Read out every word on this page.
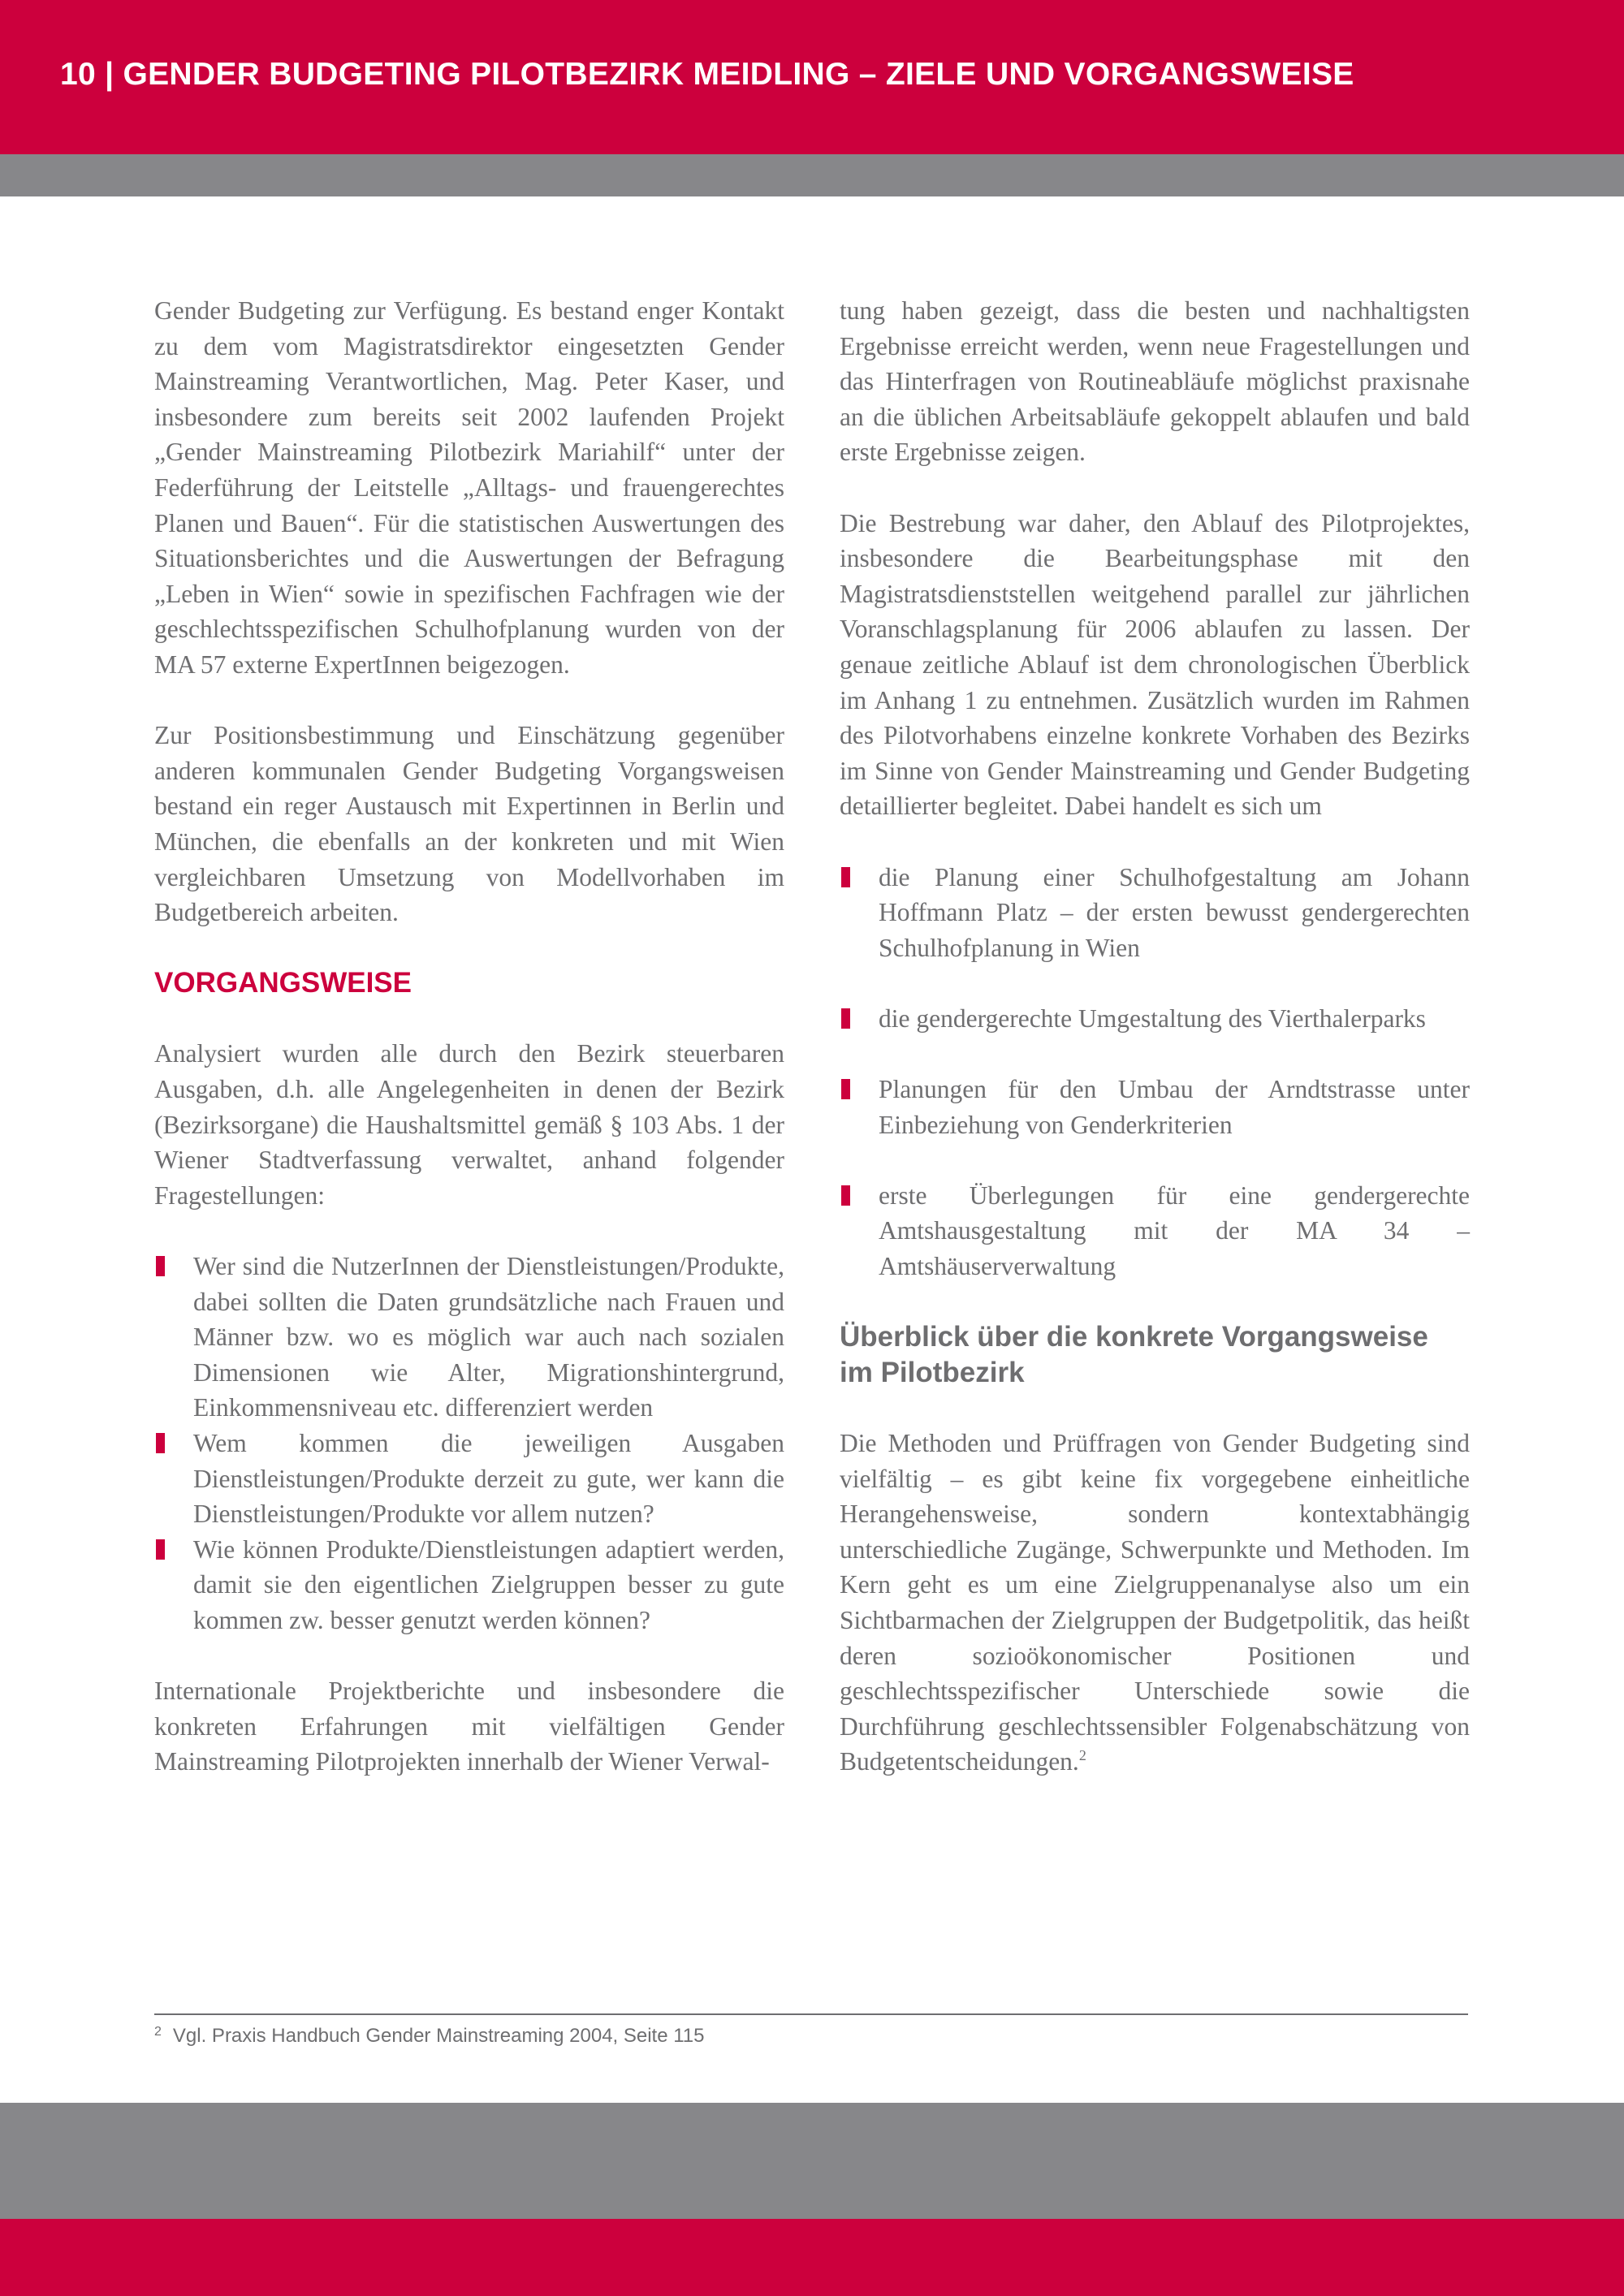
10 | GENDER BUDGETING PILOTBEZIRK MEIDLING – ZIELE UND VORGANGSWEISE

Gender Budgeting zur Verfügung. Es bestand enger Kontakt zu dem vom Magistratsdirektor eingesetzten Gender Mainstreaming Verantwortlichen, Mag. Peter Kaser, und insbesondere zum bereits seit 2002 laufenden Projekt „Gender Mainstreaming Pilotbezirk Mariahilf“ unter der Federführung der Leitstelle „Alltags- und frauengerechtes Planen und Bauen“. Für die statistischen Auswertungen des Situationsberichtes und die Auswertungen der Befragung „Leben in Wien“ sowie in spezifischen Fachfragen wie der geschlechtsspezifischen Schulhofplanung wurden von der MA 57 externe ExpertInnen beigezogen.

Zur Positionsbestimmung und Einschätzung gegenüber anderen kommunalen Gender Budgeting Vorgangsweisen bestand ein reger Austausch mit Expertinnen in Berlin und München, die ebenfalls an der konkreten und mit Wien vergleichbaren Umsetzung von Modellvorhaben im Budgetbereich arbeiten.

VORGANGSWEISE

Analysiert wurden alle durch den Bezirk steuerbaren Ausgaben, d.h. alle Angelegenheiten in denen der Bezirk (Bezirksorgane) die Haushaltsmittel gemäß § 103 Abs. 1 der Wiener Stadtverfassung verwaltet, anhand folgender Fragestellungen:

Wer sind die NutzerInnen der Dienstleistungen/Produkte, dabei sollten die Daten grundsätzliche nach Frauen und Männer bzw. wo es möglich war auch nach sozialen Dimensionen wie Alter, Migrationshintergrund, Einkommensniveau etc. differenziert werden
Wem kommen die jeweiligen Ausgaben Dienstleistungen/Produkte derzeit zu gute, wer kann die Dienstleistungen/Produkte vor allem nutzen?
Wie können Produkte/Dienstleistungen adaptiert werden, damit sie den eigentlichen Zielgruppen besser zu gute kommen zw. besser genutzt werden können?

Internationale Projektberichte und insbesondere die konkreten Erfahrungen mit vielfältigen Gender Mainstreaming Pilotprojekten innerhalb der Wiener Verwal-

tung haben gezeigt, dass die besten und nachhaltigsten Ergebnisse erreicht werden, wenn neue Fragestellungen und das Hinterfragen von Routineabläufe möglichst praxisnahe an die üblichen Arbeitsabläufe gekoppelt ablaufen und bald erste Ergebnisse zeigen.

Die Bestrebung war daher, den Ablauf des Pilotprojektes, insbesondere die Bearbeitungsphase mit den Magistratsdienststellen weitgehend parallel zur jährlichen Voranschlagsplanung für 2006 ablaufen zu lassen. Der genaue zeitliche Ablauf ist dem chronologischen Überblick im Anhang 1 zu entnehmen. Zusätzlich wurden im Rahmen des Pilotvorhabens einzelne konkrete Vorhaben des Bezirks im Sinne von Gender Mainstreaming und Gender Budgeting detaillierter begleitet. Dabei handelt es sich um

die Planung einer Schulhofgestaltung am Johann Hoffmann Platz – der ersten bewusst gendergerechten Schulhofplanung in Wien
die gendergerechte Umgestaltung des Vierthalerparks
Planungen für den Umbau der Arndtstrasse unter Einbeziehung von Genderkriterien
erste Überlegungen für eine gendergerechte Amtshausgestaltung mit der MA 34 – Amtshäuserverwaltung
Überblick über die konkrete Vorgangsweise
im Pilotbezirk

Die Methoden und Prüffragen von Gender Budgeting sind vielfältig – es gibt keine fix vorgegebene einheitliche Herangehensweise, sondern kontextabhängig unterschiedliche Zugänge, Schwerpunkte und Methoden. Im Kern geht es um eine Zielgruppenanalyse also um ein Sichtbarmachen der Zielgruppen der Budgetpolitik, das heißt deren sozioökonomischer Positionen und geschlechtsspezifischer Unterschiede sowie die Durchführung geschlechtssensibler Folgenabschätzung von Budgetentscheidungen.$^2$

$^2$ Vgl. Praxis Handbuch Gender Mainstreaming 2004, Seite 115
